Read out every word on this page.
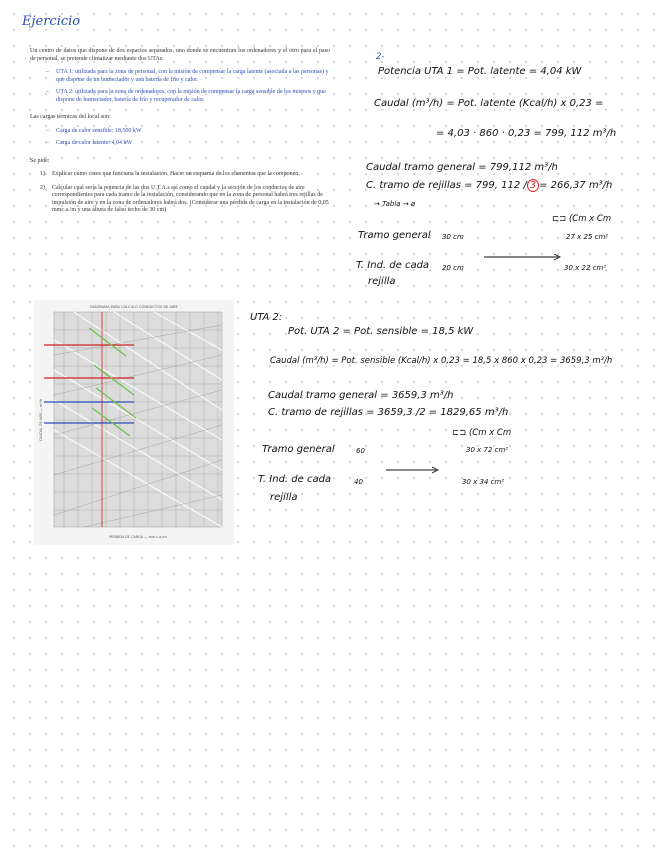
Ejercicio

Un centro de datos que dispone de dos espacios separados, uno donde se encuentran los ordenadores y el otro para el paso de personal, se pretende climatizar mediante dos UTAs:

– UTA 1: utilizada para la zona de personal, con la misión de compensar la carga latente (asociada a las personas) y que dispone de un humectador y una batería de frío y calor.
– UTA 2: utilizada para la zona de ordenadores, con la misión de compensar la carga sensible de los mismos y que dispone de humectador, batería de frío y recuperador de calor.

Las cargas térmicas del local son:

– Carga de calor sensible: 18,500 kW
– Carga de calor latente: 4,04 kW

Se pide:

1) Explicar cómo crees que funciona la instalación. Hacer un esquema de los elementos que la componen.
2) Calcular cual sería la potencia de las dos U.T.A.s así como el caudal y la sección de los conductos de aire correspondientes para cada tramo de la instalación, considerando que en la zona de personal habrá tres rejillas de impulsión de aire y en la zona de ordenadores habrá dos. (Considerar una pérdida de carga en la instalación de 0,05 mmc.a./m y una altura de falso techo de 30 cm)
DIAGRAMA PARA CÁLCULO CONDUCTOS DE AIRE
PERDIDA DE CARGA — mm.c.a./m
CAUDAL DE AIRE — m³/h
2-
Potencia UTA 1 = Pot. latente = 4,04 kW
Caudal (m³/h) = Pot. latente (Kcal/h) x 0,23 =
= 4,03 · 860 · 0,23 = 799, 112 m³/h
Caudal tramo general = 799,112 m³/h
C. tramo de rejillas = 799, 112 / 3 = 266,37 m³/h
→ Tabla → ø
⊏⊐ (Cm x Cm
Tramo general 30 cm	27 x 25 cm²
T. Ind. de cada
rejilla
20 cm	30 x 22 cm²
UTA 2:
Pot. UTA 2 = Pot. sensible = 18,5 kW
Caudal (m³/h) = Pot. sensible (Kcal/h) x 0,23 = 18,5 x 860 x 0,23 = 3659,3 m³/h
Caudal tramo general = 3659,3 m³/h
C. tramo de rejillas = 3659,3 /2 = 1829,65 m³/h
⊏⊐ (Cm x Cm
Tramo general	60	30 x 72 cm²
T. Ind. de cada
rejilla
40	30 x 34 cm²
